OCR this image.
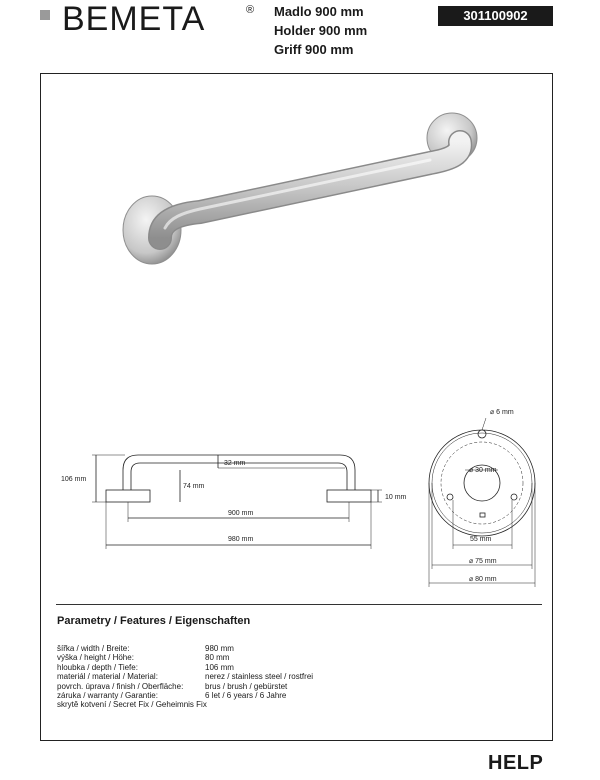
BEMETA	® Madlo 900 mm
Holder 900 mm
Griff 900 mm
301100902
32 mm
106 mm
74 mm
10 mm
900 mm
980 mm
⌀ 6 mm
⌀ 30 mm
55 mm
⌀ 75 mm
⌀ 80 mm
Parametry / Features / Eigenschaften
šířka / width / Breite:	980 mm
výška / height / Höhe:	80 mm
hloubka / depth / Tiefe:	106 mm
materiál / material / Material:	nerez / stainless steel / rostfrei
povrch. úprava / finish / Oberfläche:	brus / brush / gebürstet
záruka / warranty / Garantie:	6 let / 6 years / 6 Jahre
skrytě kotvení / Secret Fix / Geheimnis Fix
HELP
